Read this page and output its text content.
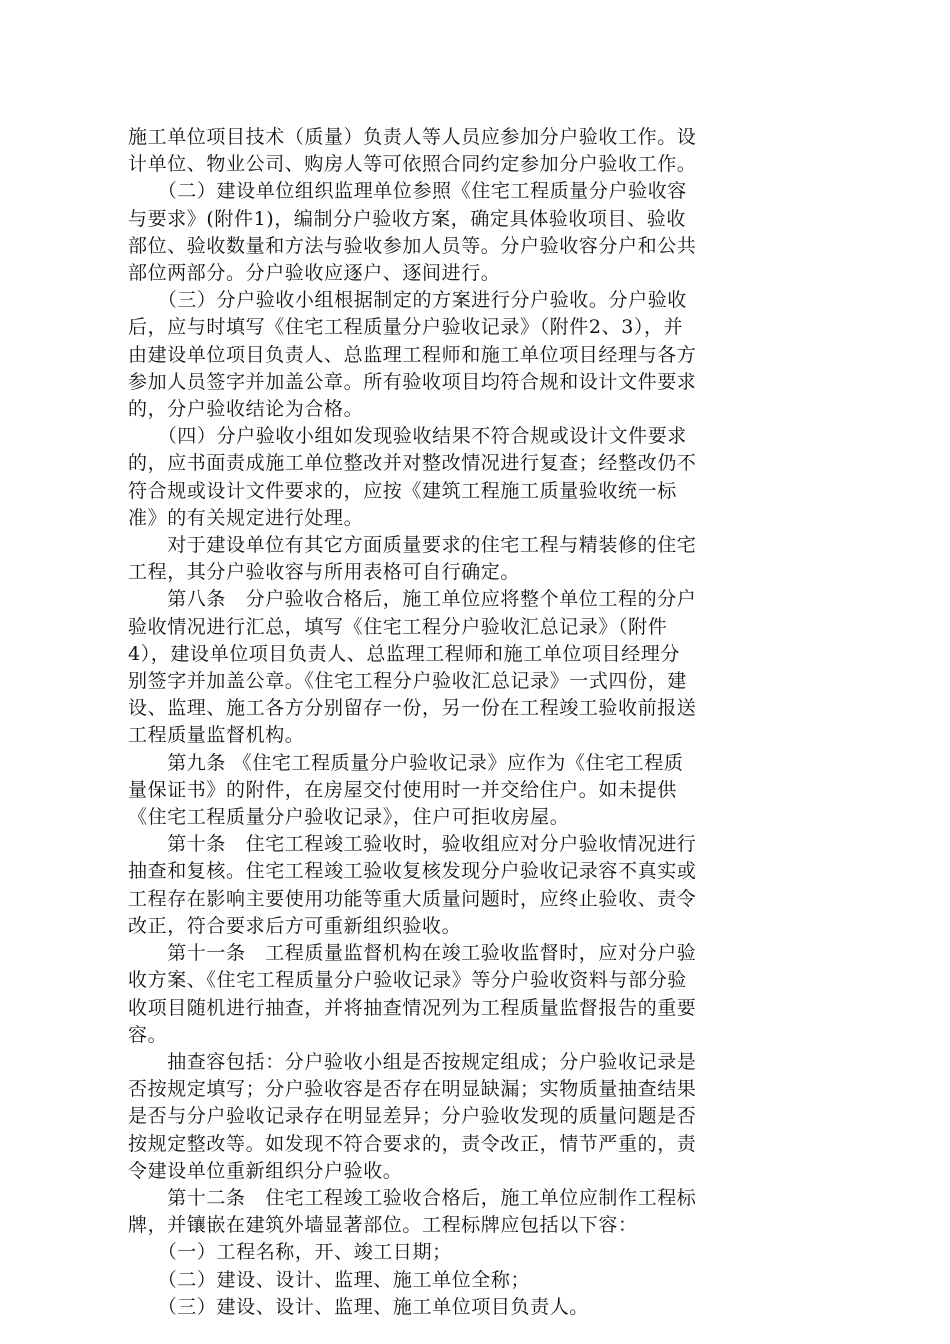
施工单位项目技术（质量）负责人等人员应参加分户验收工作。设
计单位、物业公司、购房人等可依照合同约定参加分户验收工作。

　　（二）建设单位组织监理单位参照《住宅工程质量分户验收容
与要求》(附件1)，编制分户验收方案，确定具体验收项目、验收
部位、验收数量和方法与验收参加人员等。分户验收容分户和公共
部位两部分。分户验收应逐户、逐间进行。

　　（三）分户验收小组根据制定的方案进行分户验收。分户验收
后，应与时填写《住宅工程质量分户验收记录》（附件2、3），并
由建设单位项目负责人、总监理工程师和施工单位项目经理与各方
参加人员签字并加盖公章。所有验收项目均符合规和设计文件要求
的，分户验收结论为合格。

　　（四）分户验收小组如发现验收结果不符合规或设计文件要求
的，应书面责成施工单位整改并对整改情况进行复查；经整改仍不
符合规或设计文件要求的，应按《建筑工程施工质量验收统一标
准》的有关规定进行处理。

　　对于建设单位有其它方面质量要求的住宅工程与精装修的住宅
工程，其分户验收容与所用表格可自行确定。

　　第八条　分户验收合格后，施工单位应将整个单位工程的分户
验收情况进行汇总，填写《住宅工程分户验收汇总记录》（附件
4），建设单位项目负责人、总监理工程师和施工单位项目经理分
别签字并加盖公章。《住宅工程分户验收汇总记录》一式四份，建
设、监理、施工各方分别留存一份，另一份在工程竣工验收前报送
工程质量监督机构。

　　第九条 《住宅工程质量分户验收记录》应作为《住宅工程质
量保证书》的附件，在房屋交付使用时一并交给住户。如未提供
《住宅工程质量分户验收记录》，住户可拒收房屋。

　　第十条　住宅工程竣工验收时，验收组应对分户验收情况进行
抽查和复核。住宅工程竣工验收复核发现分户验收记录容不真实或
工程存在影响主要使用功能等重大质量问题时，应终止验收、责令
改正，符合要求后方可重新组织验收。

　　第十一条　工程质量监督机构在竣工验收监督时，应对分户验
收方案、《住宅工程质量分户验收记录》等分户验收资料与部分验
收项目随机进行抽查，并将抽查情况列为工程质量监督报告的重要
容。

　　抽查容包括：分户验收小组是否按规定组成；分户验收记录是
否按规定填写；分户验收容是否存在明显缺漏；实物质量抽查结果
是否与分户验收记录存在明显差异；分户验收发现的质量问题是否
按规定整改等。如发现不符合要求的，责令改正，情节严重的，责
令建设单位重新组织分户验收。

　　第十二条　住宅工程竣工验收合格后，施工单位应制作工程标
牌，并镶嵌在建筑外墙显著部位。工程标牌应包括以下容：

　　（一）工程名称，开、竣工日期；

　　（二）建设、设计、监理、施工单位全称；

　　（三）建设、设计、监理、施工单位项目负责人。
